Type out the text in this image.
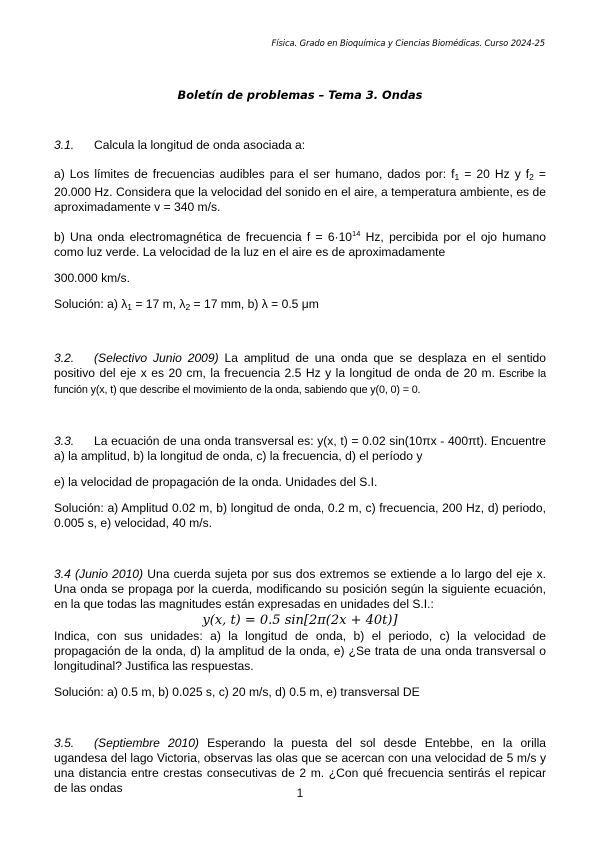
Física. Grado en Bioquímica y Ciencias Biomédicas. Curso 2024-25
Boletín de problemas – Tema 3. Ondas

3.1. Calcula la longitud de onda asociada a:

a) Los límites de frecuencias audibles para el ser humano, dados por: $f_1 = 20$ Hz y $f_2 = 20.000$ Hz. Considera que la velocidad del sonido en el aire, a temperatura ambiente, es de aproximadamente v = 340 m/s.

b) Una onda electromagnética de frecuencia $f = 6\cdot 10^{14}$ Hz, percibida por el ojo humano como luz verde. La velocidad de la luz en el aire es de aproximadamente

300.000 km/s.

Solución: a) $\lambda_1 = 17$ m, $\lambda_2 = 17$ mm, b) λ = 0.5 μm

3.2. (Selectivo Junio 2009) La amplitud de una onda que se desplaza en el sentido positivo del eje x es 20 cm, la frecuencia 2.5 Hz y la longitud de onda de 20 m. Escribe la función y(x, t) que describe el movimiento de la onda, sabiendo que y(0, 0) = 0.

3.3. La ecuación de una onda transversal es: y(x, t) = 0.02 sin(10πx - 400πt). Encuentre a) la amplitud, b) la longitud de onda, c) la frecuencia, d) el período y

e) la velocidad de propagación de la onda. Unidades del S.I.

Solución: a) Amplitud 0.02 m, b) longitud de onda, 0.2 m, c) frecuencia, 200 Hz, d) periodo, 0.005 s, e) velocidad, 40 m/s.

3.4 (Junio 2010) Una cuerda sujeta por sus dos extremos se extiende a lo largo del eje x. Una onda se propaga por la cuerda, modificando su posición según la siguiente ecuación, en la que todas las magnitudes están expresadas en unidades del S.I.:

y(x, t) = 0.5 sin[2π(2x + 40t)]

Indica, con sus unidades: a) la longitud de onda, b) el periodo, c) la velocidad de propagación de la onda, d) la amplitud de la onda, e) ¿Se trata de una onda transversal o longitudinal? Justifica las respuestas.

Solución: a) 0.5 m, b) 0.025 s, c) 20 m/s, d) 0.5 m, e) transversal DE

3.5. (Septiembre 2010) Esperando la puesta del sol desde Entebbe, en la orilla ugandesa del lago Victoria, observas las olas que se acercan con una velocidad de 5 m/s y una distancia entre crestas consecutivas de 2 m. ¿Con qué frecuencia sentirás el repicar de las ondas	1
